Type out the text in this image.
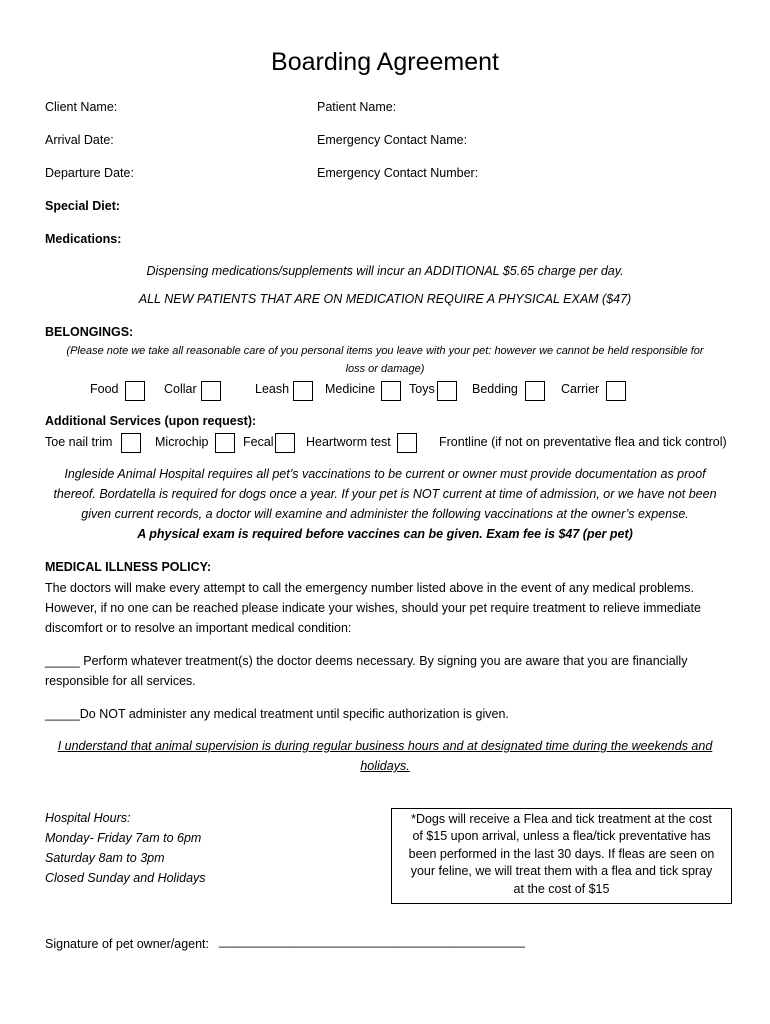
Boarding Agreement
Client Name:	Patient Name:
Arrival Date:	Emergency Contact Name:
Departure Date:	Emergency Contact Number:
Special Diet:
Medications:
Dispensing medications/supplements will incur an ADDITIONAL $5.65 charge per day.
ALL NEW PATIENTS THAT ARE ON MEDICATION REQUIRE A PHYSICAL EXAM ($47)
BELONGINGS:
(Please note we take all reasonable care of you personal items you leave with your pet: however we cannot be held responsible for
loss or damage)
Food	Collar	Leash	Medicine	Toys	Bedding	Carrier
Additional Services (upon request):
Toe nail trim	Microchip	Fecal	Heartworm test	Frontline (if not on preventative flea and tick control)
Ingleside Animal Hospital requires all pet’s vaccinations to be current or owner must provide documentation as proof
thereof. Bordatella is required for dogs once a year. If your pet is NOT current at time of admission, or we have not been
given current records, a doctor will examine and administer the following vaccinations at the owner’s expense.
A physical exam is required before vaccines can be given. Exam fee is $47 (per pet)
MEDICAL ILLNESS POLICY:
The doctors will make every attempt to call the emergency number listed above in the event of any medical problems. However, if no one can be reached please indicate your wishes, should your pet require treatment to relieve immediate discomfort or to resolve an important medical condition:
_____ Perform whatever treatment(s) the doctor deems necessary. By signing you are aware that you are financially responsible for all services.
_____Do NOT administer any medical treatment until specific authorization is given.
I understand that animal supervision is during regular business hours and at designated time during the weekends and
holidays.
Hospital Hours:
Monday- Friday 7am to 6pm
Saturday 8am to 3pm
Closed Sunday and Holidays
*Dogs will receive a Flea and tick treatment at the cost
of $15 upon arrival, unless a flea/tick preventative has
been performed in the last 30 days. If fleas are seen on
your feline, we will treat them with a flea and tick spray
at the cost of $15
Signature of pet owner/agent: ____________________________________________
